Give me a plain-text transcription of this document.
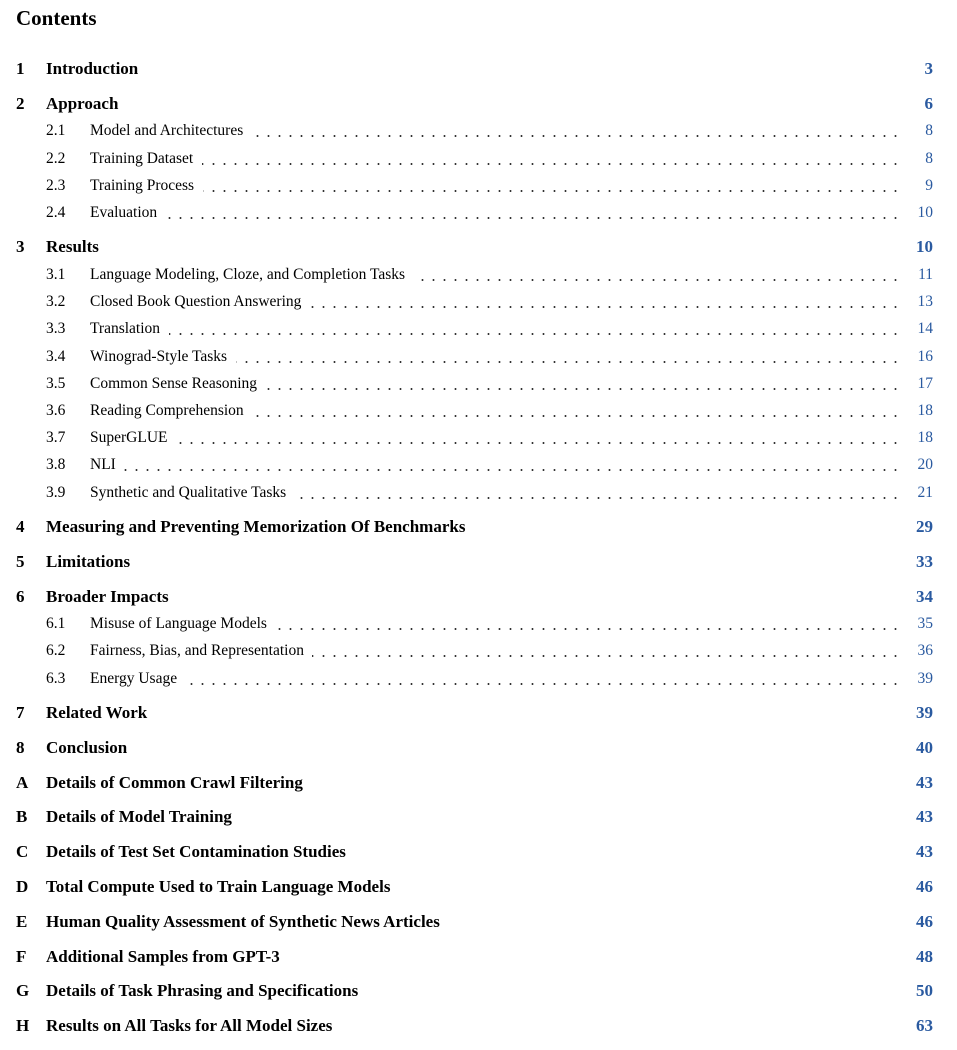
Contents
1 Introduction	3
2 Approach	6
2.1 Model and Architectures	8
2.2 Training Dataset	8
2.3 Training Process	9
2.4 Evaluation	10
3 Results	10
3.1 Language Modeling, Cloze, and Completion Tasks	11
3.2 Closed Book Question Answering	13
3.3 Translation	14
3.4 Winograd-Style Tasks	16
3.5 Common Sense Reasoning	17
3.6 Reading Comprehension	18
3.7 SuperGLUE	18
3.8 NLI	20
3.9 Synthetic and Qualitative Tasks	21
4 Measuring and Preventing Memorization Of Benchmarks	29
5 Limitations	33
6 Broader Impacts	34
6.1 Misuse of Language Models	35
6.2 Fairness, Bias, and Representation	36
6.3 Energy Usage	39
7 Related Work	39
8 Conclusion	40
A Details of Common Crawl Filtering	43
B Details of Model Training	43
C Details of Test Set Contamination Studies	43
D Total Compute Used to Train Language Models	46
E Human Quality Assessment of Synthetic News Articles	46
F Additional Samples from GPT-3	48
G Details of Task Phrasing and Specifications	50
H Results on All Tasks for All Model Sizes	63
